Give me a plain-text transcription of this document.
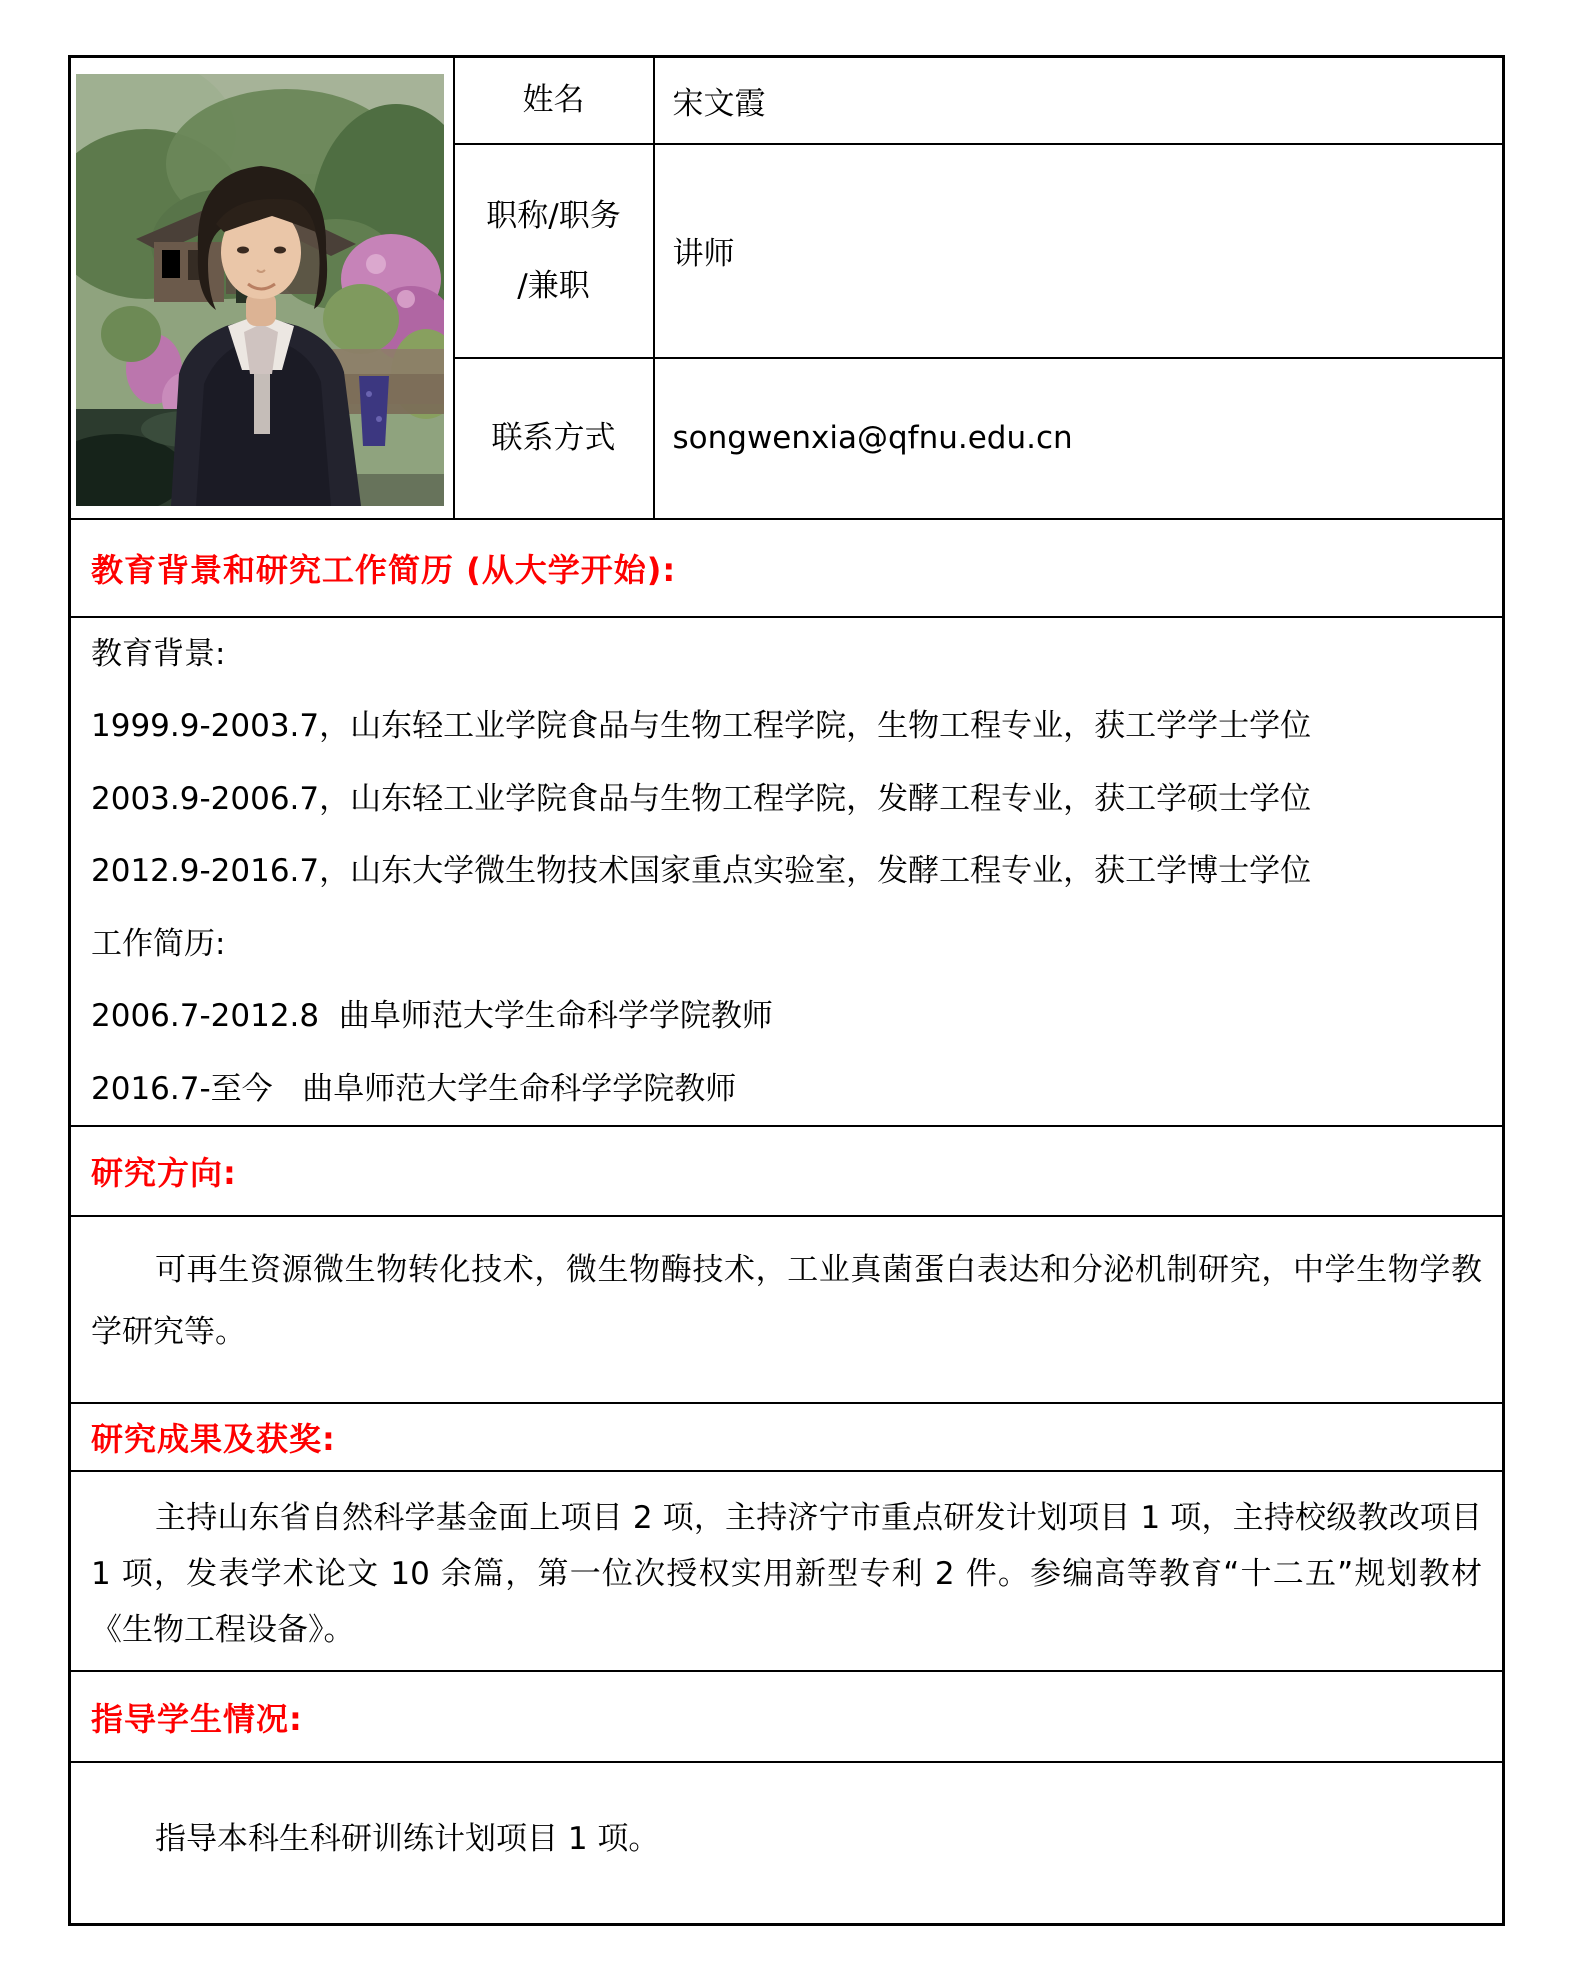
	姓名	宋文霞

	职称/职务
/兼职	讲师
	联系方式	songwenxia@qfnu.edu.cn
教育背景和研究工作简历 (从大学开始):		

教育背景:

1999.9-2003.7，山东轻工业学院食品与生物工程学院，生物工程专业，获工学学士学位

2003.9-2006.7，山东轻工业学院食品与生物工程学院，发酵工程专业，获工学硕士学位

2012.9-2016.7，山东大学微生物技术国家重点实验室，发酵工程专业，获工学博士学位

工作简历:

2006.7-2012.8  曲阜师范大学生命科学学院教师

2016.7-至今   曲阜师范大学生命科学学院教师

研究方向:		

可再生资源微生物转化技术，微生物酶技术，工业真菌蛋白表达和分泌机制研究，中学生物学教学研究等。		

研究成果及获奖:		

主持山东省自然科学基金面上项目 2 项，主持济宁市重点研发计划项目 1 项，主持校级教改项目 1 项，发表学术论文 10 余篇，第一位次授权实用新型专利 2 件。参编高等教育“十二五”规划教材《生物工程设备》。		

指导学生情况:		

指导本科生科研训练计划项目 1 项。		
